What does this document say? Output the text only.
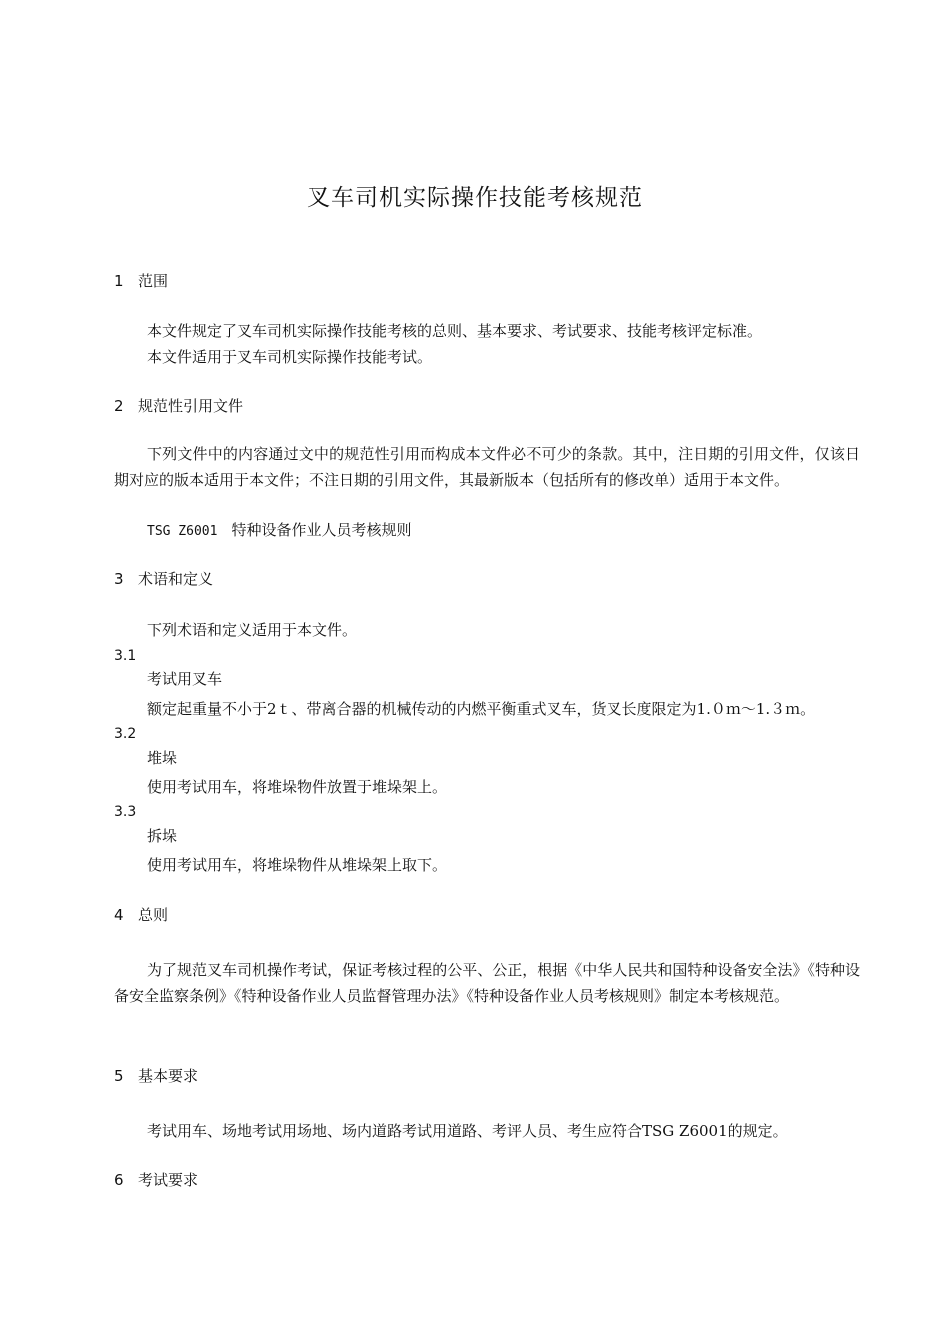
叉车司机实际操作技能考核规范
1 范围
本文件规定了叉车司机实际操作技能考核的总则、基本要求、考试要求、技能考核评定标准。
本文件适用于叉车司机实际操作技能考试。
2 规范性引用文件
下列文件中的内容通过文中的规范性引用而构成本文件必不可少的条款。其中，注日期的引用文件，仅该日期对应的版本适用于本文件；不注日期的引用文件，其最新版本（包括所有的修改单）适用于本文件。
TSG Z6001 特种设备作业人员考核规则
3 术语和定义
下列术语和定义适用于本文件。
3.1
考试用叉车
额定起重量不小于2ｔ、带离合器的机械传动的内燃平衡重式叉车，货叉长度限定为1.０ｍ～1.３ｍ。
3.2
堆垛
使用考试用车，将堆垛物件放置于堆垛架上。
3.3
拆垛
使用考试用车，将堆垛物件从堆垛架上取下。
4 总则
为了规范叉车司机操作考试，保证考核过程的公平、公正，根据《中华人民共和国特种设备安全法》《特种设备安全监察条例》《特种设备作业人员监督管理办法》《特种设备作业人员考核规则》制定本考核规范。
5 基本要求
考试用车、场地考试用场地、场内道路考试用道路、考评人员、考生应符合TSG Z6001的规定。
6 考试要求
